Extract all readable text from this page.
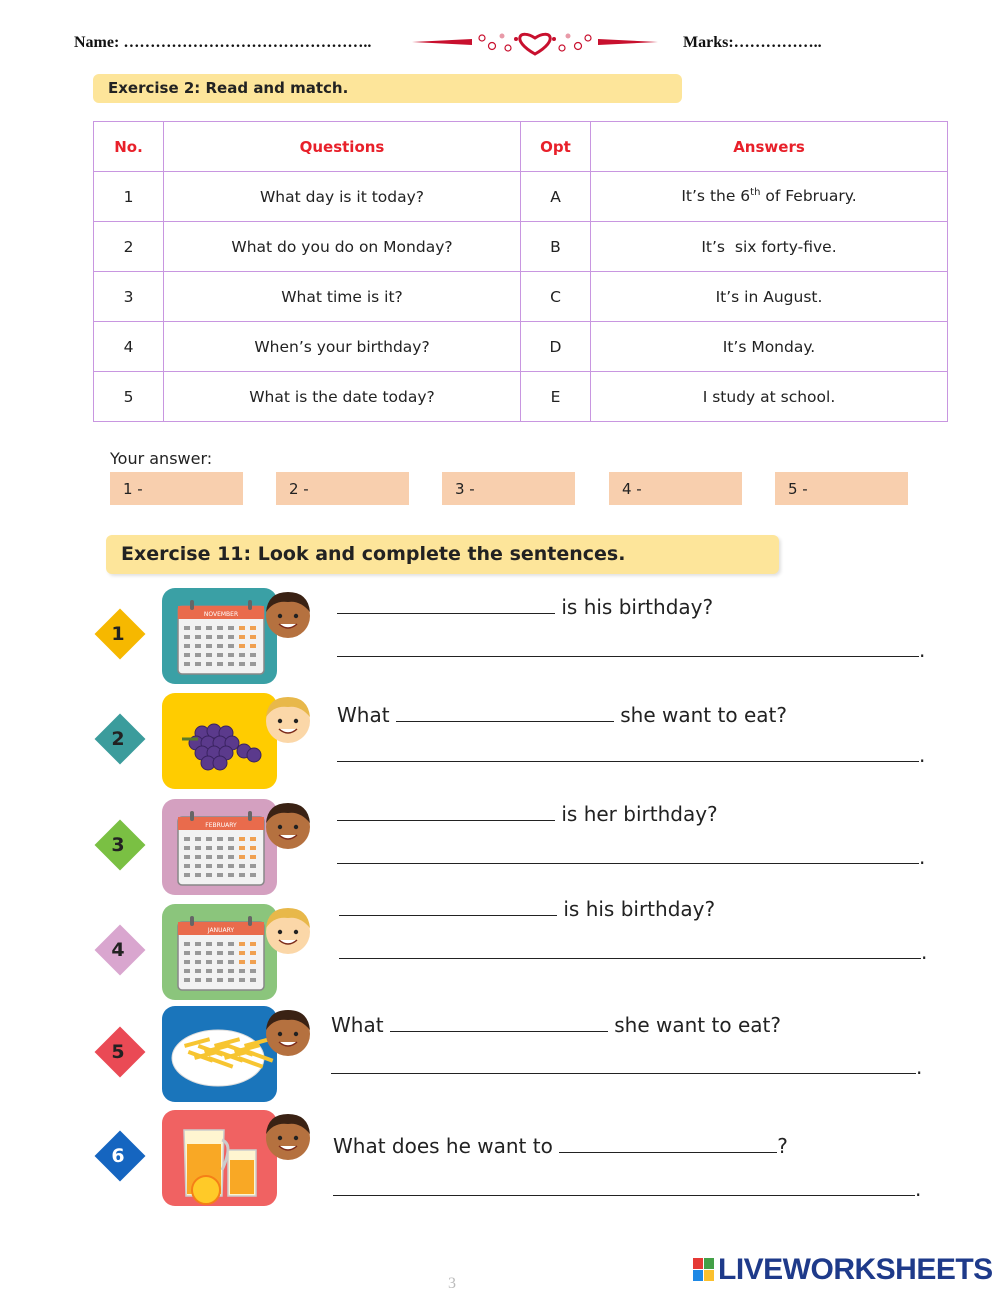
Name: ………………………………………..	Marks:……………..
Exercise 2: Read and match.
No.	Questions	Opt	Answers
1	What day is it today?	A	It’s the 6th of February.
2	What do you do on Monday?	B	It’s  six forty-five.
3	What time is it?	C	It’s in August.
4	When’s your birthday?	D	It’s Monday.
5	What is the date today?	E	I study at school.
Your answer:
1 -	2 -	3 -	4 -	5 -
Exercise 11: Look and complete the sentences.
1
NOVEMBER	is his birthday?
.
2
What	she want to eat?
.
3
FEBRUARY	is her birthday?
.
4
JANUARY
is his birthday?
.
5
What	she want to eat?
.
6	What does he want to	?
.
3	LIVEWORKSHEETS
